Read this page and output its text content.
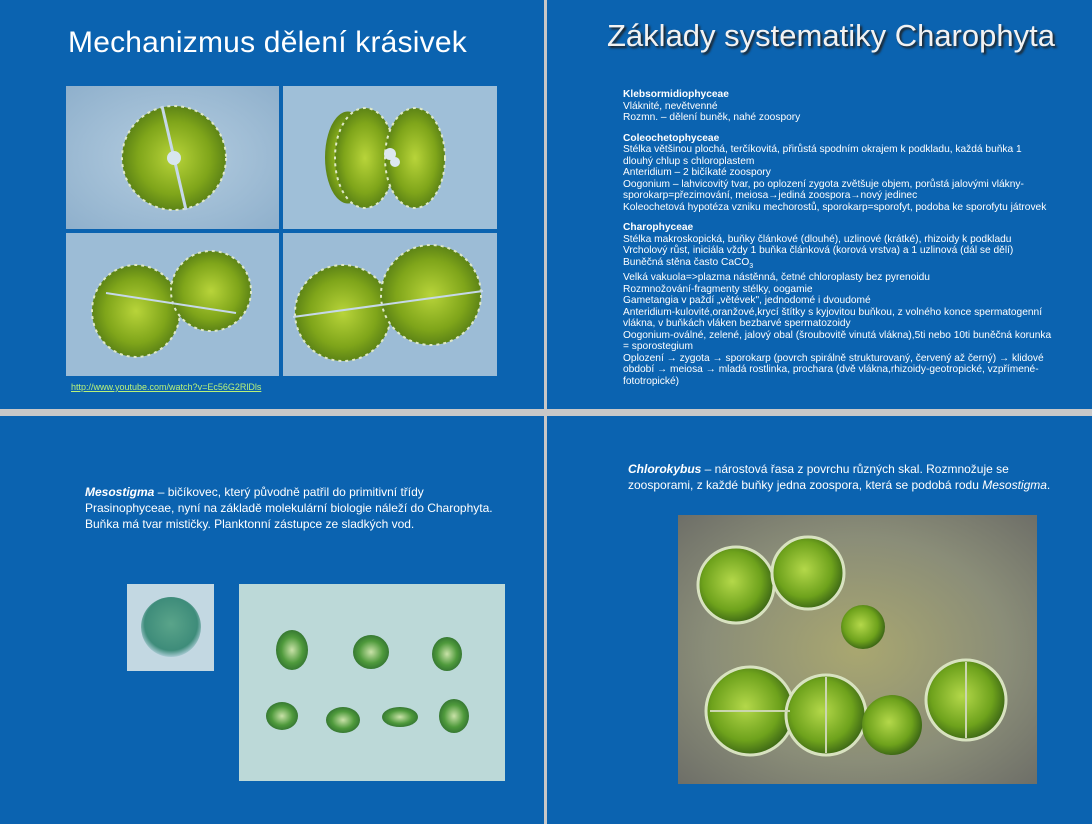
Mechanizmus dělení krásivek
http://www.youtube.com/watch?v=Ec56G2RlDls
Základy systematiky Charophyta
Klebsormidiophyceae
Vláknité, nevětvenné
Rozmn. – dělení buněk, nahé zoospory
Coleochetophyceae
Stélka většinou plochá, terčíkovitá, přirůstá spodním okrajem k podkladu, každá buňka 1 dlouhý chlup s chloroplastem
Anteridium – 2 bičíkaté zoospory
Oogonium – lahvicovitý tvar, po oplození zygota zvětšuje objem, porůstá jalovými vlákny- sporokarp=přezimování, meiosa→jediná zoospora→nový jedinec
Koleochetová hypotéza vzniku mechorostů, sporokarp=sporofyt, podoba ke sporofytu játrovek
Charophyceae
Stélka makroskopická, buňky článkové (dlouhé), uzlinové (krátké), rhizoidy k podkladu
Vrcholový růst, iniciála vždy 1 buňka článková (korová vrstva) a 1 uzlinová (dál se dělí)
Buněčná stěna často CaCO$_3$
Velká vakuola=>plazma nástěnná, četné chloroplasty bez pyrenoidu
Rozmnožování-fragmenty stélky, oogamie
Gametangia v paždí „větévek", jednodomé i dvoudomé
Anteridium-kulovité,oranžové,krycí štítky s kyjovitou buňkou, z volného konce spermatogenní vlákna, v buňkách vláken bezbarvé spermatozoidy
Oogonium-oválné, zelené, jalový obal (šroubovitě vinutá vlákna),5ti nebo 10ti buněčná korunka = sporostegium
Oplození → zygota → sporokarp (povrch spirálně strukturovaný, červený až černý) → klidové období → meiosa → mladá rostlinka, prochara (dvě vlákna,rhizoidy-geotropické, vzpřímené-fototropické)
Mesostigma – bičíkovec, který původně patřil do primitivní třídy Prasinophyceae, nyní na základě molekulární biologie náleží do Charophyta. Buňka má tvar mističky. Planktonní zástupce ze sladkých vod.
Chlorokybus – nárostová řasa z povrchu různých skal. Rozmnožuje se zoosporami, z každé buňky jedna zoospora, která se podobá rodu Mesostigma.
